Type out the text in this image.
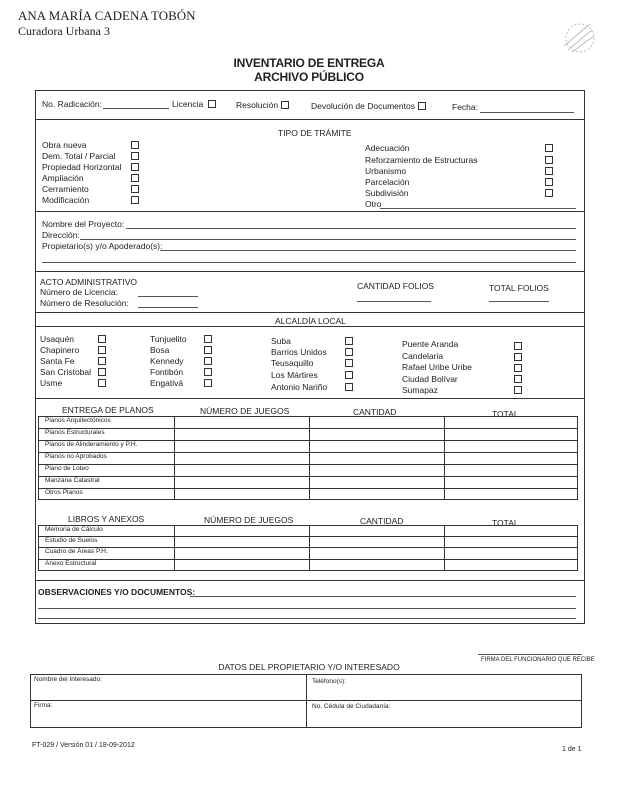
ANA MARÍA CADENA TOBÓN
Curadora Urbana 3
INVENTARIO DE ENTREGA
ARCHIVO PÚBLICO
No. Radicación:	Licencia	Resolución	Devolución de Documentos	Fecha:
TIPO DE TRÁMITE
Obra nueva
Dem. Total / Parcial
Propiedad Horizontal
Ampliación
Cerramiento
Modificación
Adecuación
Reforzamiento de Estructuras
Urbanismo
Parcelación
Subdivisión
Otro
Nombre del Proyecto:
Dirección:
Propietario(s) y/o Apoderado(s):
ACTO ADMINISTRATIVO
Número de Licencia:
Número de Resolución:
CANTIDAD FOLIOS	TOTAL FOLIOS
ALCALDÍA LOCAL
Usaquén
Chapinero
Santa Fe
San Cristobal
Usme
Tunjuelito
Bosa
Kennedy
Fontibón
Engativá
Suba
Barrios Unidos
Teusaquillo
Los Mártires
Antonio Nariño
Puente Aranda
Candelaria
Rafael Uribe Uribe
Ciudad Bolívar
Sumapaz
ENTREGA DE PLANOS	NÚMERO DE JUEGOS	CANTIDAD	TOTAL
Planos Arquitectónicos
Planos Estructurales
Planos de Alinderamiento y P.H.
Planos no Aprobados
Plano de Loteo
Manzana Catastral
Otros Planos
LIBROS Y ANEXOS	NÚMERO DE JUEGOS	CANTIDAD	TOTAL
Memoria de Cálculo
Estudio de Suelos
Cuadro de Áreas P.H.
Anexo Estructural
OBSERVACIONES Y/O DOCUMENTOS:
FIRMA DEL FUNCIONARIO QUE RECIBE
DATOS DEL PROPIETARIO Y/O INTERESADO
Nombre del Interesado:	Teléfono(s):
Firma:	No. Cédula de Ciudadanía:
FT-029 / Versión 01 / 18-09-2012
1 de 1
